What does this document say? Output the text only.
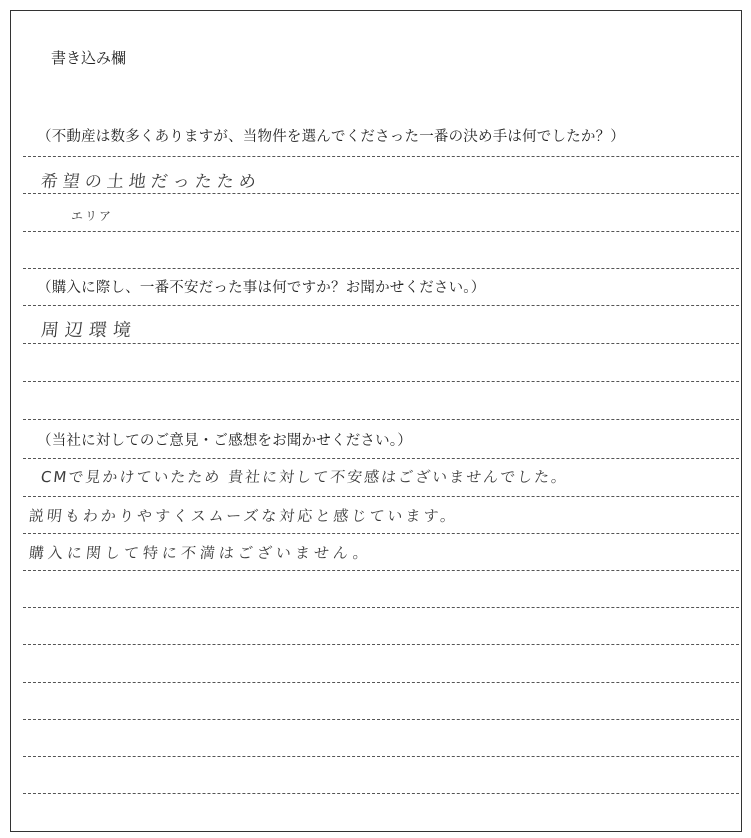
書き込み欄
（不動産は数多くありますが、当物件を選んでくださった一番の決め手は何でしたか？）
希望の土地だったため
エリア
（購入に際し、一番不安だった事は何ですか？お聞かせください。）
周辺環境
（当社に対してのご意見・ご感想をお聞かせください。）
CMで見かけていたため 貴社に対して不安感はございませんでした。
説明もわかりやすくスムーズな対応と感じています。
購入に関して特に不満はございません。
